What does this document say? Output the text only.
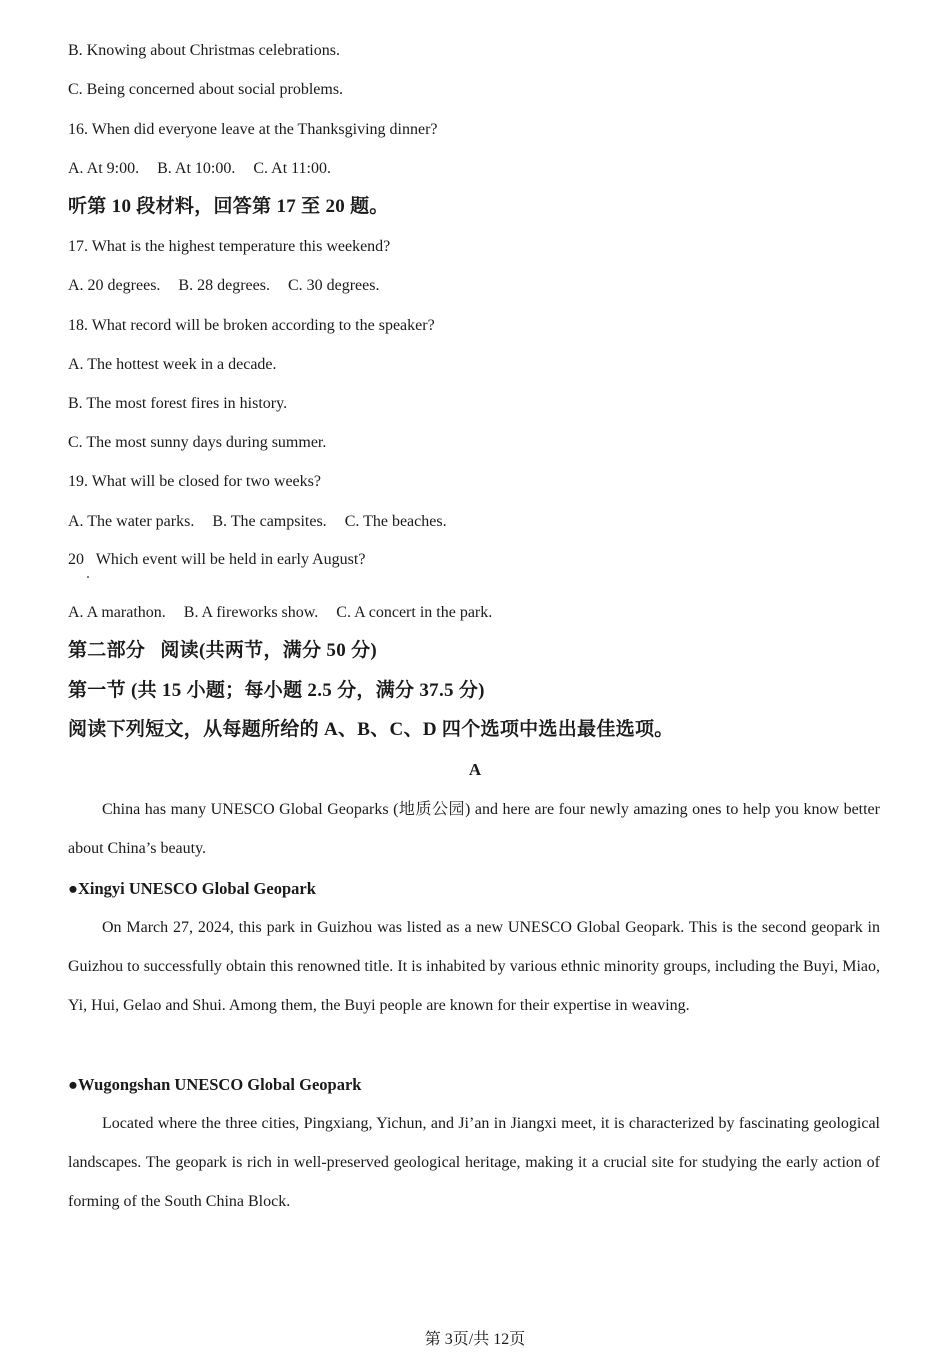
B. Knowing about Christmas celebrations.
C. Being concerned about social problems.
16. When did everyone leave at the Thanksgiving dinner?
A. At 9:00. B. At 10:00. C. At 11:00.
听第 10 段材料，回答第 17 至 20 题。
17. What is the highest temperature this weekend?
A. 20 degrees. B. 28 degrees. C. 30 degrees.
18. What record will be broken according to the speaker?
A. The hottest week in a decade.
B. The most forest fires in history.
C. The most sunny days during summer.
19. What will be closed for two weeks?
A. The water parks. B. The campsites. C. The beaches.
20   Which event will be held in early August?
A. A marathon. B. A fireworks show. C. A concert in the park.
第二部分   阅读(共两节，满分 50 分)
第一节 (共 15 小题；每小题 2.5 分，满分 37.5 分)
阅读下列短文，从每题所给的 A、B、C、D 四个选项中选出最佳选项。
A
China has many UNESCO Global Geoparks (地质公园) and here are four newly amazing ones to help you know better about China’s beauty.
●Xingyi UNESCO Global Geopark
On March 27, 2024, this park in Guizhou was listed as a new UNESCO Global Geopark. This is the second geopark in Guizhou to successfully obtain this renowned title. It is inhabited by various ethnic minority groups, including the Buyi, Miao, Yi, Hui, Gelao and Shui. Among them, the Buyi people are known for their expertise in weaving.
●Wugongshan UNESCO Global Geopark
Located where the three cities, Pingxiang, Yichun, and Ji’an in Jiangxi meet, it is characterized by fascinating geological landscapes. The geopark is rich in well-preserved geological heritage, making it a crucial site for studying the early action of forming of the South China Block.
第 3页/共 12页
